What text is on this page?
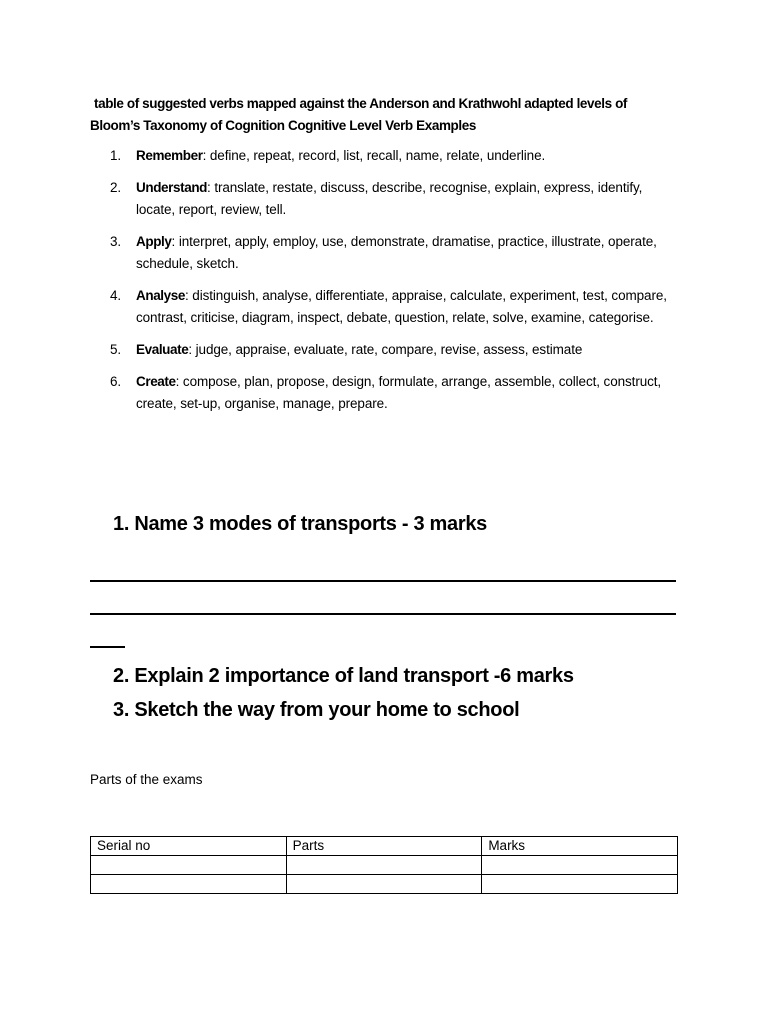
table of suggested verbs mapped against the Anderson and Krathwohl adapted levels of
Bloom’s Taxonomy of Cognition Cognitive Level Verb Examples
1.	Remember: define, repeat, record, list, recall, name, relate, underline.
2.	Understand: translate, restate, discuss, describe, recognise, explain, express, identify, locate, report, review, tell.
3.	Apply: interpret, apply, employ, use, demonstrate, dramatise, practice, illustrate, operate, schedule, sketch.
4.	Analyse: distinguish, analyse, differentiate, appraise, calculate, experiment, test, compare, contrast, criticise, diagram, inspect, debate, question, relate, solve, examine, categorise.
5.	Evaluate: judge, appraise, evaluate, rate, compare, revise, assess, estimate
6.	Create: compose, plan, propose, design, formulate, arrange, assemble, collect, construct, create, set-up, organise, manage, prepare.
1. Name 3 modes of transports - 3 marks
2. Explain 2 importance of land transport -6 marks
3. Sketch the way from your home to school
Parts of the exams
Serial no	Parts	Marks
